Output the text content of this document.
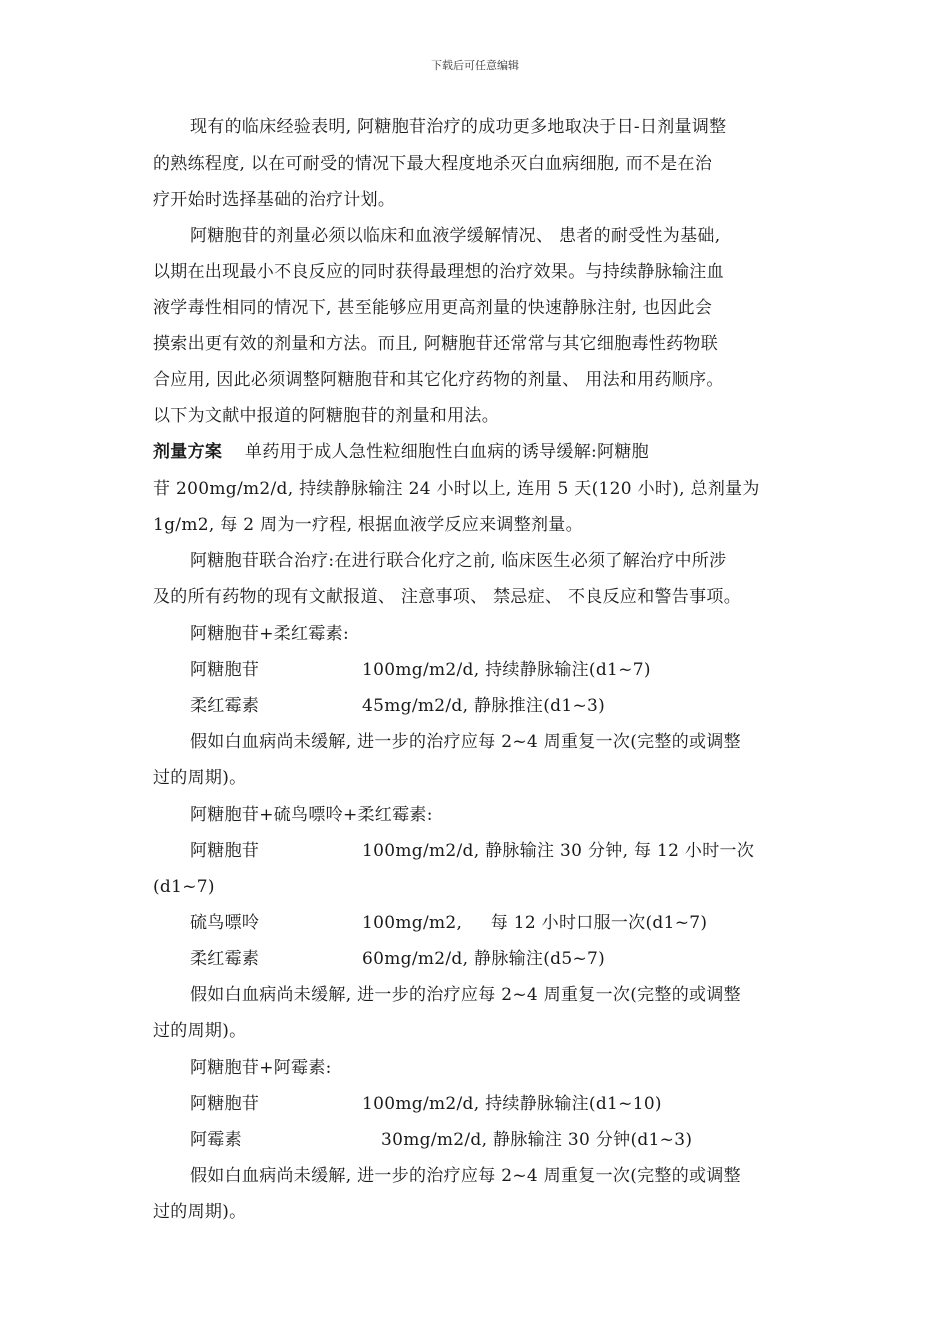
下载后可任意编辑
现有的临床经验表明, 阿糖胞苷治疗的成功更多地取决于日-日剂量调整
的熟练程度, 以在可耐受的情况下最大程度地杀灭白血病细胞, 而不是在治
疗开始时选择基础的治疗计划。
阿糖胞苷的剂量必须以临床和血液学缓解情况、 患者的耐受性为基础,
以期在出现最小不良反应的同时获得最理想的治疗效果。与持续静脉输注血
液学毒性相同的情况下, 甚至能够应用更高剂量的快速静脉注射, 也因此会
摸索出更有效的剂量和方法。而且, 阿糖胞苷还常常与其它细胞毒性药物联
合应用, 因此必须调整阿糖胞苷和其它化疗药物的剂量、 用法和用药顺序。
以下为文献中报道的阿糖胞苷的剂量和用法。
剂量方案 单药用于成人急性粒细胞性白血病的诱导缓解:阿糖胞
苷 200mg/m2/d, 持续静脉输注 24 小时以上, 连用 5 天(120 小时), 总剂量为
1g/m2, 每 2 周为一疗程, 根据血液学反应来调整剂量。
阿糖胞苷联合治疗:在进行联合化疗之前, 临床医生必须了解治疗中所涉
及的所有药物的现有文献报道、 注意事项、 禁忌症、 不良反应和警告事项。
阿糖胞苷+柔红霉素:
阿糖胞苷	100mg/m2/d, 持续静脉输注(d1~7)
柔红霉素	45mg/m2/d, 静脉推注(d1~3)
假如白血病尚未缓解, 进一步的治疗应每 2~4 周重复一次(完整的或调整
过的周期)。
阿糖胞苷+硫鸟嘌呤+柔红霉素:
阿糖胞苷	100mg/m2/d, 静脉输注 30 分钟, 每 12 小时一次
(d1~7)
硫鸟嘌呤	100mg/m2,     每 12 小时口服一次(d1~7)
柔红霉素	60mg/m2/d, 静脉输注(d5~7)
假如白血病尚未缓解, 进一步的治疗应每 2~4 周重复一次(完整的或调整
过的周期)。
阿糖胞苷+阿霉素:
阿糖胞苷	100mg/m2/d, 持续静脉输注(d1~10)
阿霉素	30mg/m2/d, 静脉输注 30 分钟(d1~3)
假如白血病尚未缓解, 进一步的治疗应每 2~4 周重复一次(完整的或调整
过的周期)。
